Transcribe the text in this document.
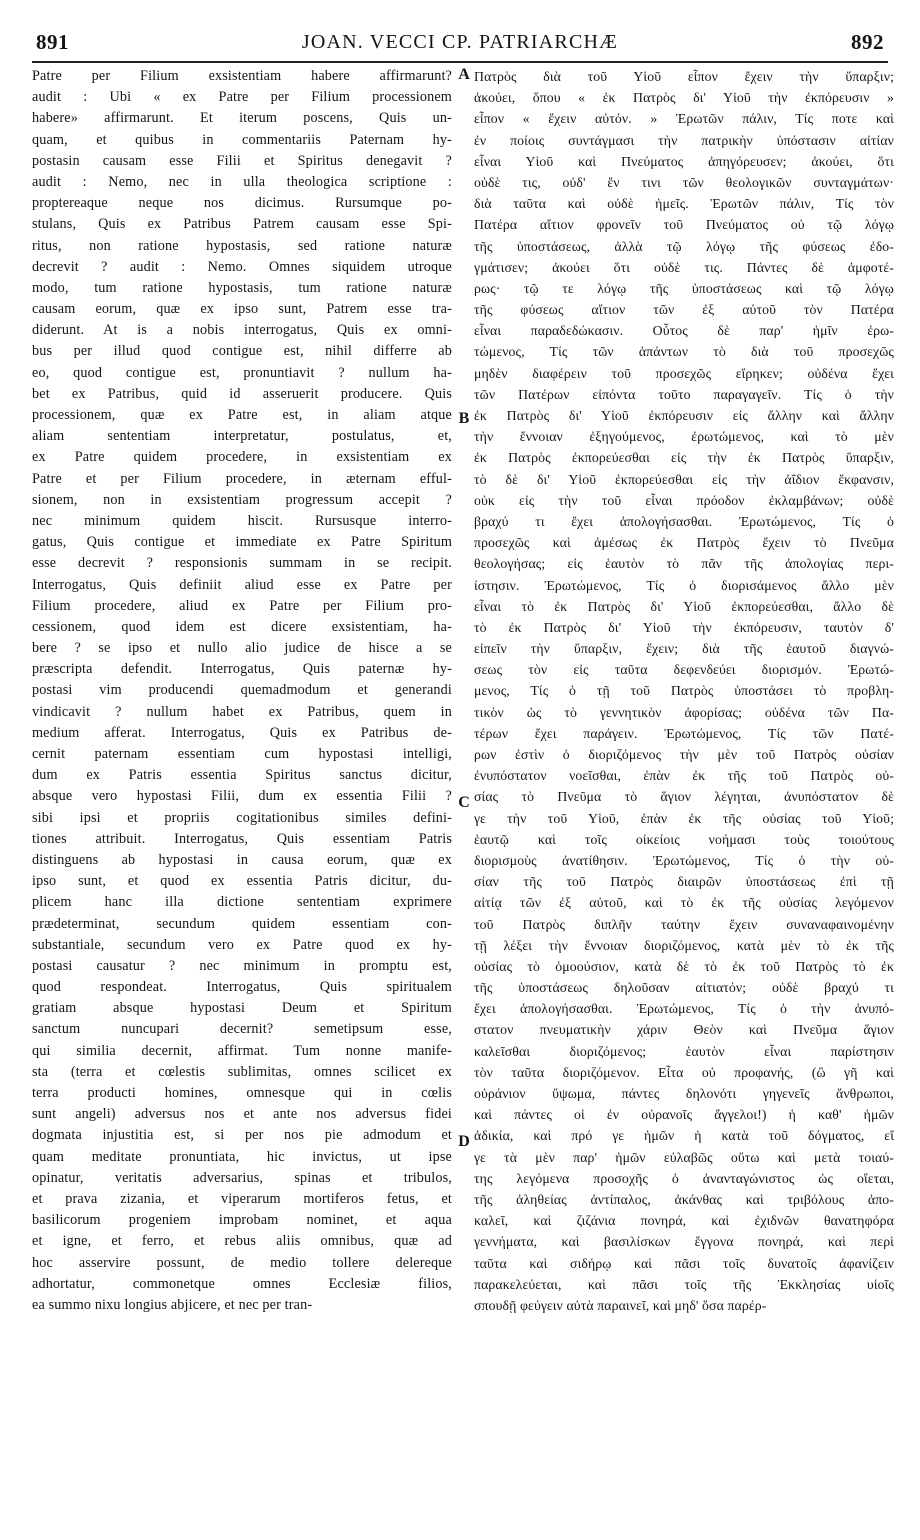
891	JOAN. VECCI CP. PATRIARCHÆ	892
Patre per Filium exsistentiam habere affirmarunt?
audit : Ubi « ex Patre per Filium processionem
habere» affirmarunt. Et iterum poscens, Quis un-
quam, et quibus in commentariis Paternam hy-
postasin causam esse Filii et Spiritus denegavit ?
audit : Nemo, nec in ulla theologica scriptione :
proptereaque neque nos dicimus. Rursumque po-
stulans, Quis ex Patribus Patrem causam esse Spi-
ritus, non ratione hypostasis, sed ratione naturæ
decrevit ? audit : Nemo. Omnes siquidem utroque
modo, tum ratione hypostasis, tum ratione naturæ
causam eorum, quæ ex ipso sunt, Patrem esse tra-
diderunt. At is a nobis interrogatus, Quis ex omni-
bus per illud quod contigue est, nihil differre ab
eo, quod contigue est, pronuntiavit ? nullum ha-
bet ex Patribus, quid id asseruerit producere. Quis
processionem, quæ ex Patre est, in aliam atque
aliam sententiam interpretatur, postulatus, et,
ex Patre quidem procedere, in exsistentiam ex
Patre et per Filium procedere, in æternam efful-
sionem, non in exsistentiam progressum accepit ?
nec minimum quidem hiscit. Rursusque interro-
gatus, Quis contigue et immediate ex Patre Spiritum
esse decrevit ? responsionis summam in se recipit.
Interrogatus, Quis definiit aliud esse ex Patre per
Filium procedere, aliud ex Patre per Filium pro-
cessionem, quod idem est dicere exsistentiam, ha-
bere ? se ipso et nullo alio judice de hisce a se
præscripta defendit. Interrogatus, Quis paternæ hy-
postasi vim producendi quemadmodum et generandi
vindicavit ? nullum habet ex Patribus, quem in
medium afferat. Interrogatus, Quis ex Patribus de-
cernit paternam essentiam cum hypostasi intelligi,
dum ex Patris essentia Spiritus sanctus dicitur,
absque vero hypostasi Filii, dum ex essentia Filii ?
sibi ipsi et propriis cogitationibus similes defini-
tiones attribuit. Interrogatus, Quis essentiam Patris
distinguens ab hypostasi in causa eorum, quæ ex
ipso sunt, et quod ex essentia Patris dicitur, du-
plicem hanc illa dictione sententiam exprimere
prædeterminat, secundum quidem essentiam con-
substantiale, secundum vero ex Patre quod ex hy-
postasi causatur ? nec minimum in promptu est,
quod respondeat. Interrogatus, Quis spiritualem
gratiam absque hypostasi Deum et Spiritum
sanctum nuncupari decernit? semetipsum esse,
qui similia decernit, affirmat. Tum nonne manife-
sta (terra et cœlestis sublimitas, omnes scilicet ex
terra producti homines, omnesque qui in cœlis
sunt angeli) adversus nos et ante nos adversus fidei
dogmata injustitia est, si per nos pie admodum et
quam meditate pronuntiata, hic invictus, ut ipse
opinatur, veritatis adversarius, spinas et tribulos,
et prava zizania, et viperarum mortiferos fetus, et
basilicorum progeniem improbam nominet, et aqua
et igne, et ferro, et rebus aliis omnibus, quæ ad
hoc asservire possunt, de medio tollere delereque
adhortatur, commonetque omnes Ecclesiæ filios,
ea summo nixu longius abjicere, et nec per tran-
Πατρὸς διὰ τοῦ Υἱοῦ εἶπον ἔχειν τὴν ὕπαρξιν;
ἀκούει, ὅπου « ἐκ Πατρὸς δι' Υἱοῦ τὴν ἐκπόρευσιν »
εἶπον « ἔχειν αὐτόν. » Ἐρωτῶν πάλιν, Τίς ποτε καὶ
ἐν ποίοις συντάγμασι τὴν πατρικὴν ὑπόστασιν αἰτίαν
εἶναι Υἱοῦ καὶ Πνεύματος ἀπηγόρευσεν; ἀκούει, ὅτι
οὐδὲ τις, οὐδ' ἔν τινι τῶν θεολογικῶν συνταγμάτων·
διὰ ταῦτα καὶ οὐδὲ ἡμεῖς. Ἐρωτῶν πάλιν, Τίς τὸν
Πατέρα αἴτιον φρονεῖν τοῦ Πνεύματος οὐ τῷ λόγῳ
τῆς ὑποστάσεως, ἀλλὰ τῷ λόγῳ τῆς φύσεως ἐδο-
γμάτισεν; ἀκούει ὅτι οὐδὲ τις. Πάντες δὲ ἀμφοτέ-
ρως· τῷ τε λόγῳ τῆς ὑποστάσεως καὶ τῷ λόγῳ
τῆς φύσεως αἴτιον τῶν ἐξ αὐτοῦ τὸν Πατέρα
εἶναι παραδεδώκασιν. Οὗτος δὲ παρ' ἡμῖν ἐρω-
τώμενος, Τίς τῶν ἁπάντων τὸ διὰ τοῦ προσεχῶς
μηδὲν διαφέρειν τοῦ προσεχῶς εἴρηκεν; οὐδένα ἔχει
τῶν Πατέρων εἰπόντα τοῦτο παραγαγεῖν. Τίς ὁ τὴν
ἐκ Πατρὸς δι' Υἱοῦ ἐκπόρευσιν εἰς ἄλλην καὶ ἄλλην
τὴν ἔννοιαν ἐξηγούμενος, ἐρωτώμενος, καὶ τὸ μὲν
ἐκ Πατρὸς ἐκπορεύεσθαι εἰς τὴν ἐκ Πατρὸς ὕπαρξιν,
τὸ δὲ δι' Υἱοῦ ἐκπορεύεσθαι εἰς τὴν ἀΐδιον ἔκφανσιν,
οὐκ εἰς τὴν τοῦ εἶναι πρόοδον ἐκλαμβάνων; οὐδὲ
βραχύ τι ἔχει ἀπολογήσασθαι. Ἐρωτώμενος, Τίς ὁ
προσεχῶς καὶ ἀμέσως ἐκ Πατρὸς ἔχειν τὸ Πνεῦμα
θεολογήσας; εἰς ἑαυτὸν τὸ πᾶν τῆς ἀπολογίας περι-
ίστησιν. Ἐρωτώμενος, Τίς ὁ διορισάμενος ἄλλο μὲν
εἶναι τὸ ἐκ Πατρὸς δι' Υἱοῦ ἐκπορεύεσθαι, ἄλλο δὲ
τὸ ἐκ Πατρὸς δι' Υἱοῦ τὴν ἐκπόρευσιν, ταυτὸν δ'
εἰπεῖν τὴν ὕπαρξιν, ἔχειν; διὰ τῆς ἑαυτοῦ διαγνώ-
σεως τὸν εἰς ταῦτα δεφενδεύει διορισμόν. Ἐρωτώ-
μενος, Τίς ὁ τῇ τοῦ Πατρὸς ὑποστάσει τὸ προβλη-
τικὸν ὡς τὸ γεννητικὸν ἀφορίσας; οὐδένα τῶν Πα-
τέρων ἔχει παράγειν. Ἐρωτώμενος, Τίς τῶν Πατέ-
ρων ἐστὶν ὁ διοριζόμενος τὴν μὲν τοῦ Πατρὸς οὐσίαν
ἐνυπόστατον νοεῖσθαι, ἐπὰν ἐκ τῆς τοῦ Πατρὸς οὐ-
σίας τὸ Πνεῦμα τὸ ἅγιον λέγηται, ἀνυπόστατον δὲ
γε τὴν τοῦ Υἱοῦ, ἐπὰν ἐκ τῆς οὐσίας τοῦ Υἱοῦ;
ἑαυτῷ καὶ τοῖς οἰκείοις νοήμασι τοὺς τοιούτους
διορισμοὺς ἀνατίθησιν. Ἐρωτώμενος, Τίς ὁ τὴν οὐ-
σίαν τῆς τοῦ Πατρὸς διαιρῶν ὑποστάσεως ἐπὶ τῇ
αἰτίᾳ τῶν ἐξ αὐτοῦ, καὶ τὸ ἐκ τῆς οὐσίας λεγόμενον
τοῦ Πατρὸς διπλῆν ταύτην ἔχειν συναναφαινομένην
τῇ λέξει τὴν ἔννοιαν διοριζόμενος, κατὰ μὲν τὸ ἐκ τῆς
οὐσίας τὸ ὁμοούσιον, κατὰ δὲ τὸ ἐκ τοῦ Πατρὸς τὸ ἐκ
τῆς ὑποστάσεως δηλοῦσαν αἰτιατόν; οὐδὲ βραχύ τι
ἔχει ἀπολογήσασθαι. Ἐρωτώμενος, Τίς ὁ τὴν ἀνυπό-
στατον πνευματικὴν χάριν Θεὸν καὶ Πνεῦμα ἅγιον
καλεῖσθαι διοριζόμενος; ἑαυτὸν εἶναι παρίστησιν
τὸν ταῦτα διοριζόμενον. Εἶτα οὐ προφανής, (ὢ γῆ καὶ
οὐράνιον ὕψωμα, πάντες δηλονότι γηγενεῖς ἄνθρωποι,
καὶ πάντες οἱ ἐν οὐρανοῖς ἄγγελοι!) ἡ καθ' ἡμῶν
ἀδικία, καὶ πρό γε ἡμῶν ἡ κατὰ τοῦ δόγματος, εἴ
γε τὰ μὲν παρ' ἡμῶν εὐλαβῶς οὕτω καὶ μετὰ τοιαύ-
της λεγόμενα προσοχῆς ὁ ἀνανταγώνιστος ὡς οἴεται,
τῆς ἀληθείας ἀντίπαλος, ἀκάνθας καὶ τριβόλους ἀπο-
καλεῖ, καὶ ζιζάνια πονηρά, καὶ ἐχιδνῶν θανατηφόρα
γεννήματα, καὶ βασιλίσκων ἔγγονα πονηρά, καὶ περὶ
ταῦτα καὶ σιδήρῳ καὶ πᾶσι τοῖς δυνατοῖς ἀφανίζειν
παρακελεύεται, καὶ πᾶσι τοῖς τῆς Ἐκκλησίας υἱοῖς
σπουδῇ φεύγειν αὐτὰ παραινεῖ, καὶ μηδ' ὅσα παρέρ-
A
B
C
D
